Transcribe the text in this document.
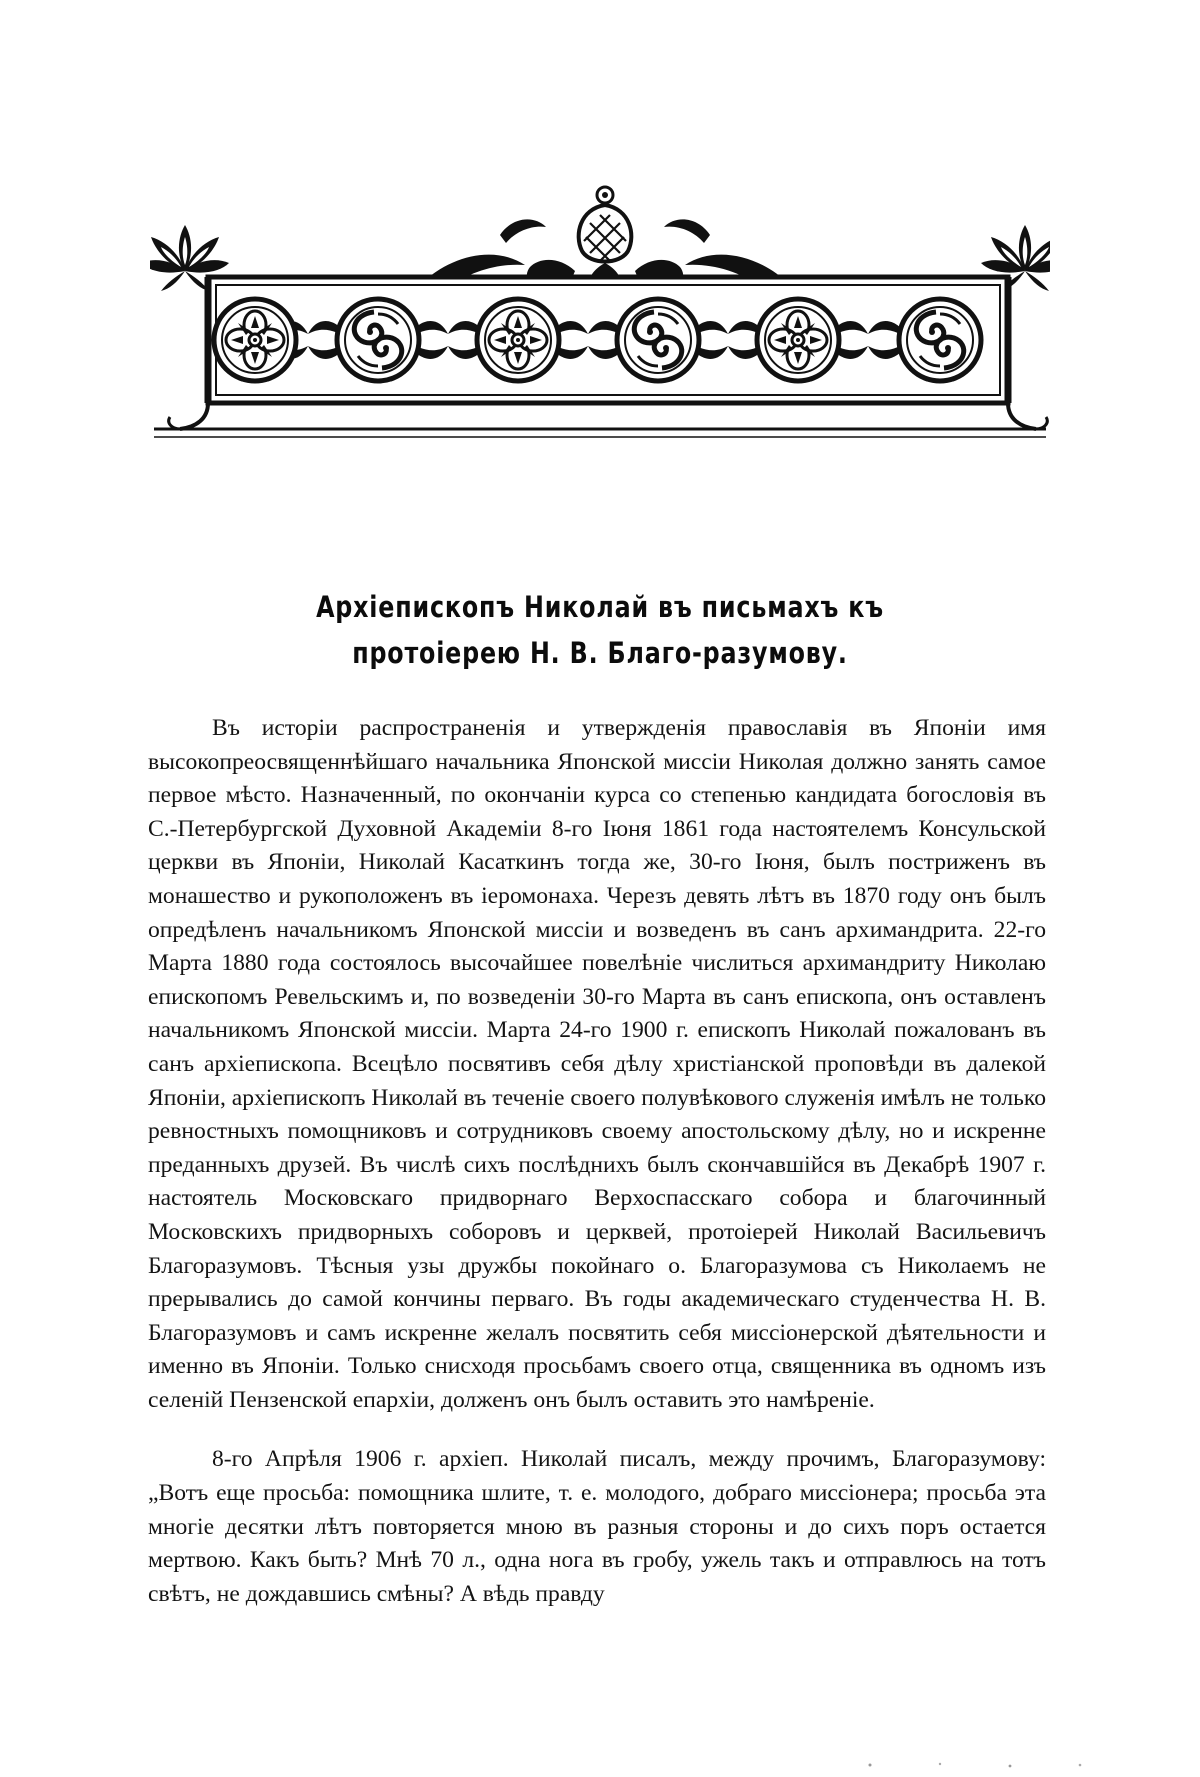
Архіепископъ Николай въ письмахъ къ протоіерею Н. В. Благо-разумову.

Въ исторіи распространенія и утвержденія православія въ Японіи имя высокопреосвященнѣйшаго начальника Японской миссіи Николая должно занять самое первое мѣсто. Назначенный, по окончаніи курса со степенью кандидата богословія въ С.-Петербургской Духовной Академіи 8-го Іюня 1861 года настоятелемъ Консульской церкви въ Японіи, Николай Касаткинъ тогда же, 30-го Іюня, былъ постриженъ въ монашество и рукоположенъ въ іеромонаха. Черезъ девять лѣтъ въ 1870 году онъ былъ опредѣленъ начальникомъ Японской миссіи и возведенъ въ санъ архимандрита. 22-го Марта 1880 года состоялось высочайшее повелѣніе числиться архимандриту Николаю епископомъ Ревельскимъ и, по возведеніи 30-го Марта въ санъ епископа, онъ оставленъ начальникомъ Японской миссіи. Марта 24-го 1900 г. епископъ Николай пожалованъ въ санъ архіепископа. Всецѣло посвятивъ себя дѣлу христіанской проповѣди въ далекой Японіи, архіепископъ Николай въ теченіе своего полувѣкового служенія имѣлъ не только ревностныхъ помощниковъ и сотрудниковъ своему апостольскому дѣлу, но и искренне преданныхъ друзей. Въ числѣ сихъ послѣднихъ былъ скончавшійся въ Декабрѣ 1907 г. настоятель Московскаго придворнаго Верхоспасскаго собора и благочинный Московскихъ придворныхъ соборовъ и церквей, протоіерей Николай Васильевичъ Благоразумовъ. Тѣсныя узы дружбы покойнаго о. Благоразумова съ Николаемъ не прерывались до самой кончины перваго. Въ годы академическаго студенчества Н. В. Благоразумовъ и самъ искренне желалъ посвятить себя миссіонерской дѣятельности и именно въ Японіи. Только снисходя просьбамъ своего отца, священника въ одномъ изъ селеній Пензенской епархіи, долженъ онъ былъ оставить это намѣреніе.

8-го Апрѣля 1906 г. архіеп. Николай писалъ, между прочимъ, Благоразумову: „Вотъ еще просьба: помощника шлите, т. е. молодого, добраго миссіонера; просьба эта многіе десятки лѣтъ повторяется мною въ разныя стороны и до сихъ поръ остается мертвою. Какъ быть? Мнѣ 70 л., одна нога въ гробу, ужель такъ и отправлюсь на тотъ свѣтъ, не дождавшись смѣны? А вѣдь правду
